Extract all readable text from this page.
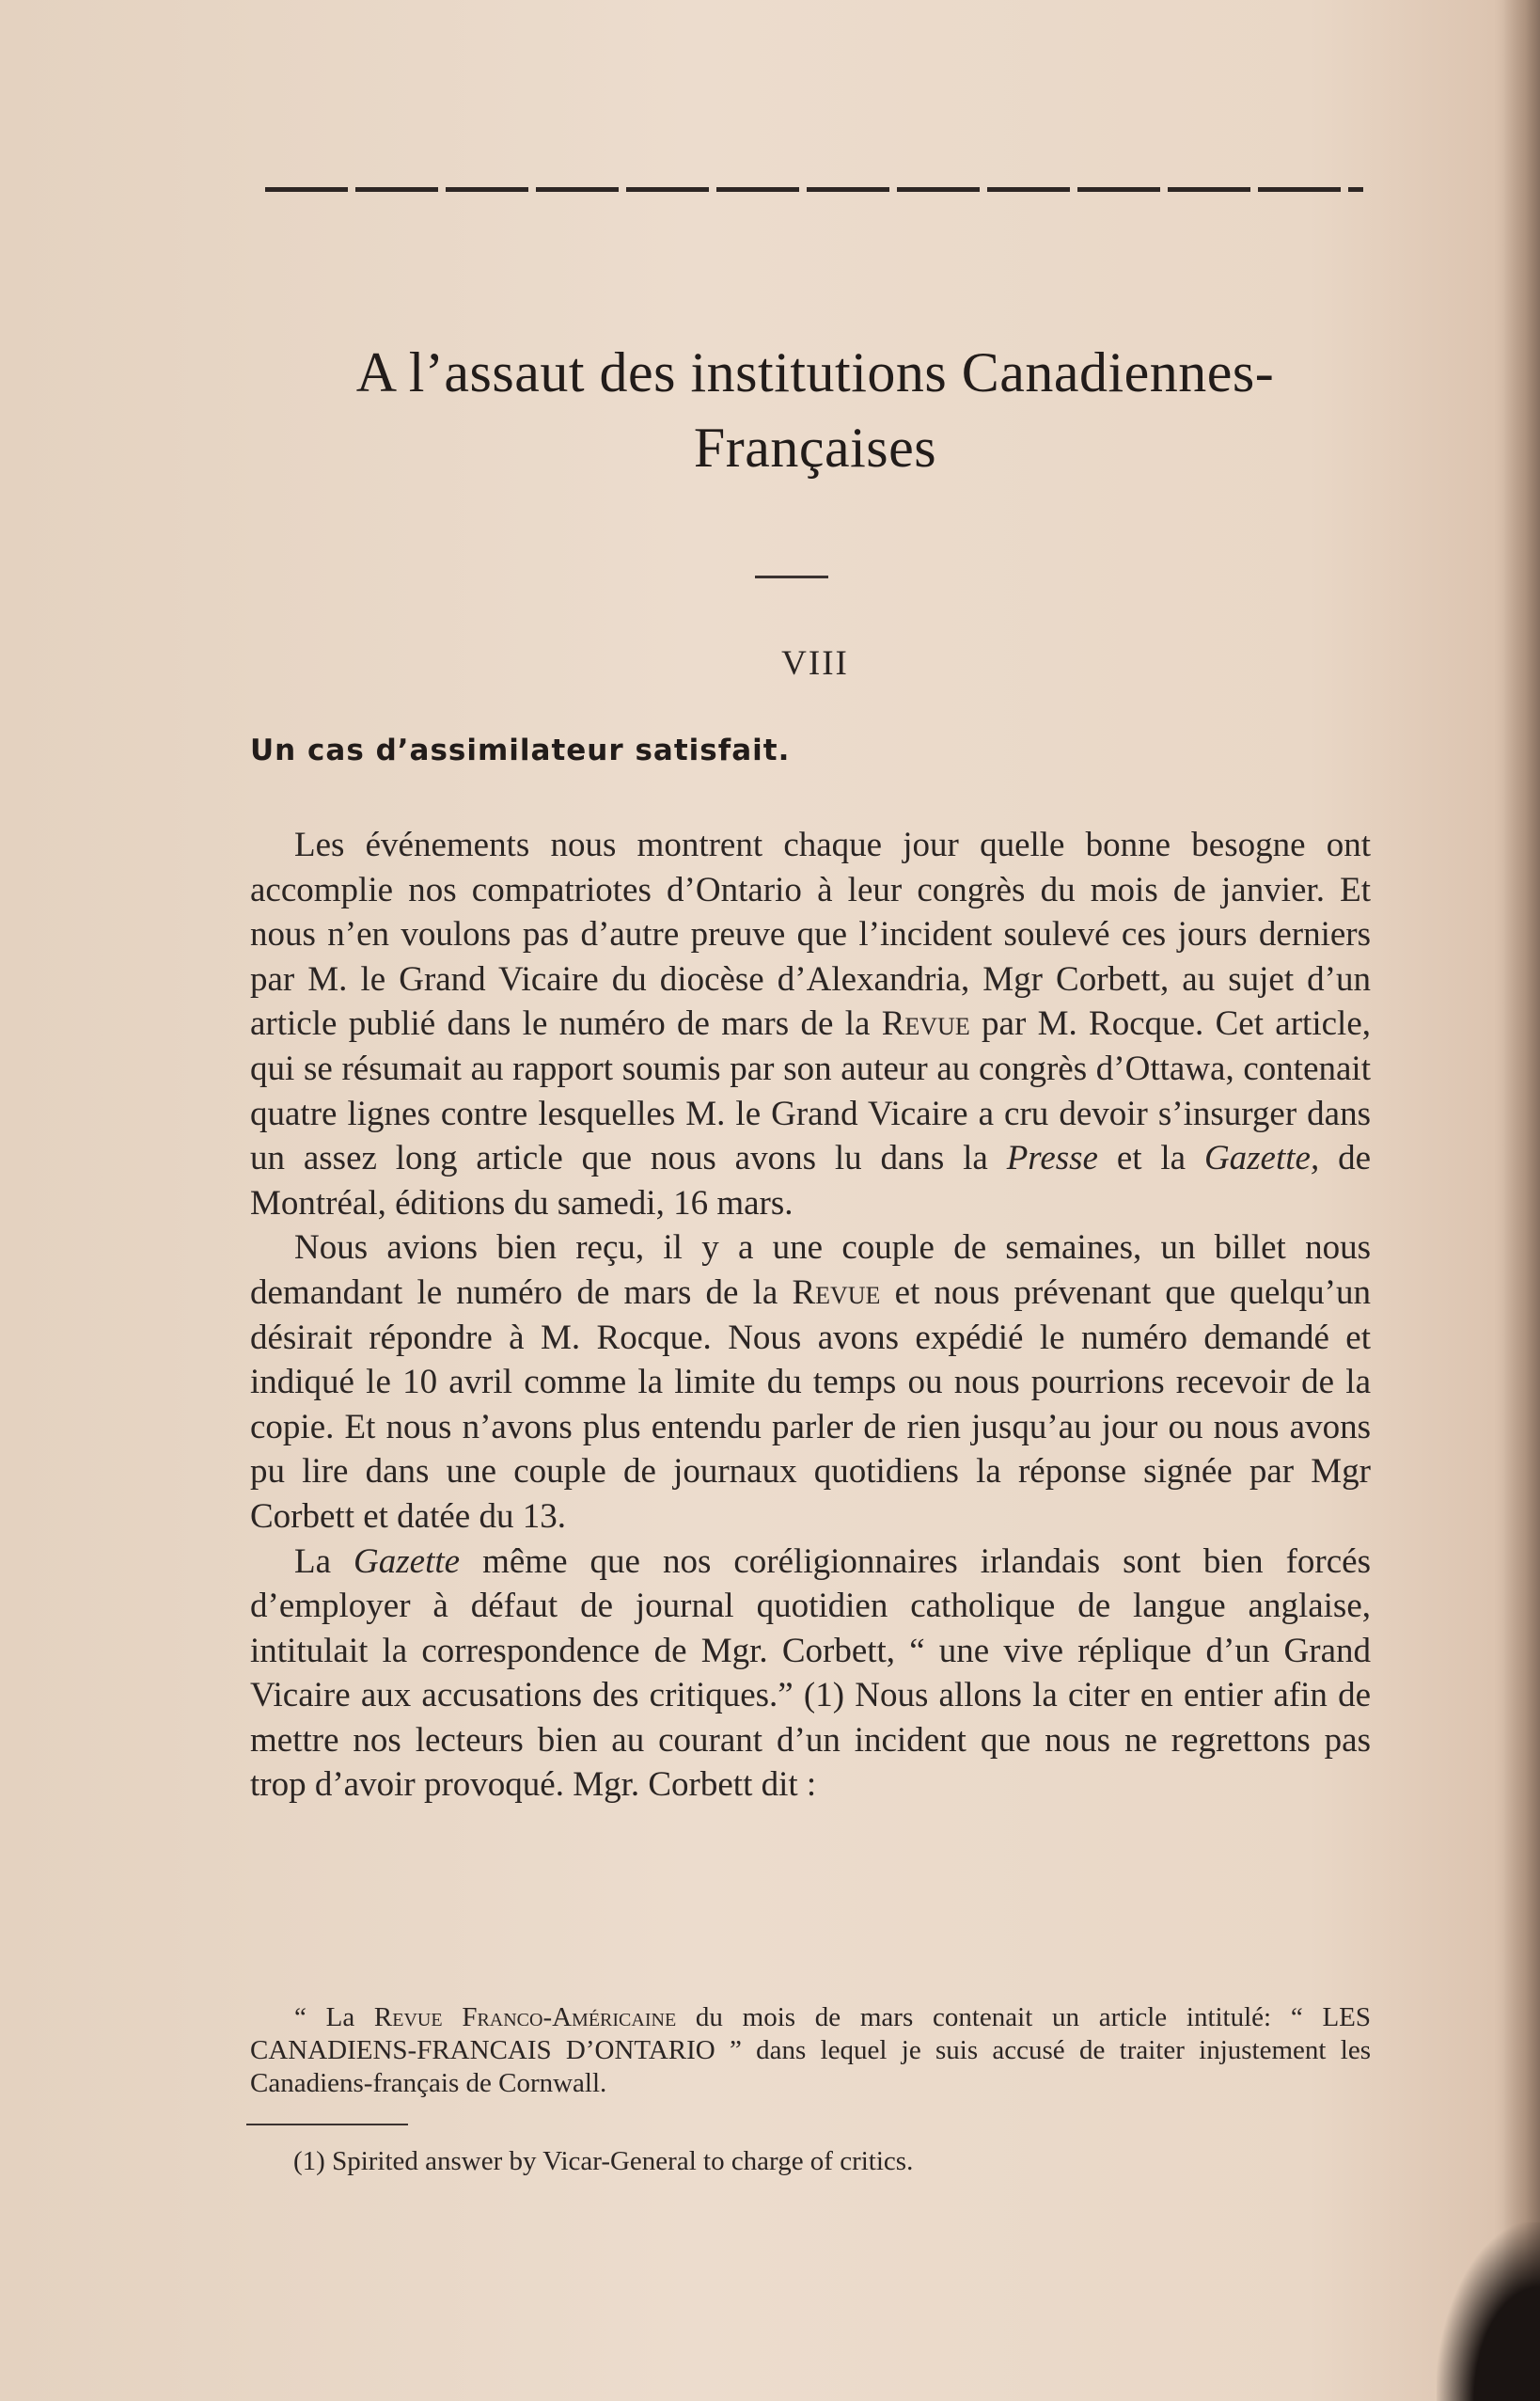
A l’assaut des institutions Canadiennes-
Françaises
VIII
Un cas d’assimilateur satisfait.

Les événements nous montrent chaque jour quelle bonne besogne ont accomplie nos compatriotes d’Ontario à leur congrès du mois de janvier. Et nous n’en voulons pas d’autre preuve que l’incident soulevé ces jours derniers par M. le Grand Vicaire du diocèse d’Alexandria, Mgr Corbett, au sujet d’un article publié dans le numéro de mars de la Revue par M. Rocque. Cet article, qui se résumait au rapport soumis par son auteur au congrès d’Ottawa, contenait quatre lignes contre lesquelles M. le Grand Vicaire a cru devoir s’insurger dans un assez long article que nous avons lu dans la Presse et la Gazette, de Montréal, éditions du samedi, 16 mars.

Nous avions bien reçu, il y a une couple de semaines, un billet nous demandant le numéro de mars de la Revue et nous prévenant que quelqu’un désirait répondre à M. Rocque. Nous avons expédié le numéro demandé et indiqué le 10 avril comme la limite du temps ou nous pourrions recevoir de la copie. Et nous n’avons plus entendu parler de rien jusqu’au jour ou nous avons pu lire dans une couple de journaux quotidiens la réponse signée par Mgr Corbett et datée du 13.

La Gazette même que nos coréligionnaires irlandais sont bien forcés d’employer à défaut de journal quotidien catholique de langue anglaise, intitulait la correspondence de Mgr. Corbett, “ une vive réplique d’un Grand Vicaire aux accusations des critiques.” (1) Nous allons la citer en entier afin de mettre nos lecteurs bien au courant d’un incident que nous ne regrettons pas trop d’avoir provoqué. Mgr. Corbett dit :

“ La Revue Franco-Américaine du mois de mars contenait un article intitulé: “ LES CANADIENS-FRANCAIS D’ONTARIO ” dans lequel je suis accusé de traiter injustement les Canadiens-français de Cornwall.

(1) Spirited answer by Vicar-General to charge of critics.
